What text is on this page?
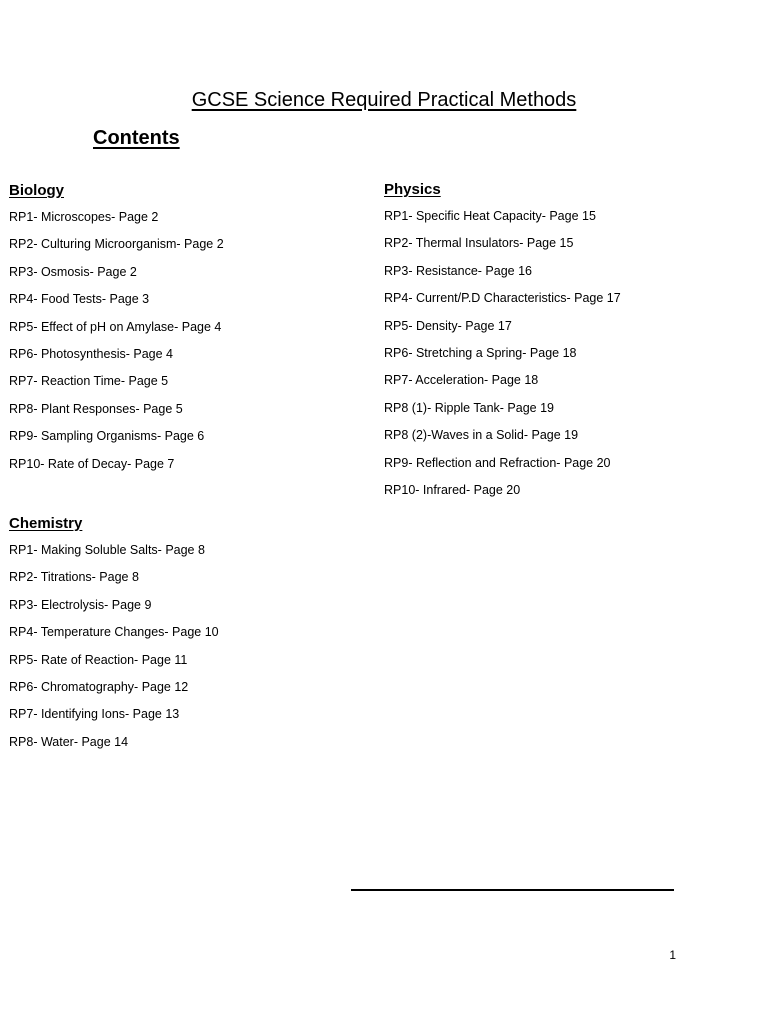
GCSE Science Required Practical Methods
Contents
Biology
RP1- Microscopes- Page 2
RP2- Culturing Microorganism- Page 2
RP3- Osmosis- Page 2
RP4- Food Tests- Page 3
RP5- Effect of pH on Amylase- Page 4
RP6- Photosynthesis- Page 4
RP7- Reaction Time- Page 5
RP8- Plant Responses- Page 5
RP9- Sampling Organisms- Page 6
RP10- Rate of Decay- Page 7
Physics
RP1- Specific Heat Capacity- Page 15
RP2- Thermal Insulators- Page 15
RP3- Resistance- Page 16
RP4- Current/P.D Characteristics- Page 17
RP5- Density- Page 17
RP6- Stretching a Spring- Page 18
RP7- Acceleration- Page 18
RP8 (1)- Ripple Tank- Page 19
RP8 (2)-Waves in a Solid- Page 19
RP9- Reflection and Refraction- Page 20
RP10- Infrared- Page 20
Chemistry
RP1- Making Soluble Salts- Page 8
RP2- Titrations- Page 8
RP3- Electrolysis- Page 9
RP4- Temperature Changes- Page 10
RP5- Rate of Reaction- Page 11
RP6- Chromatography- Page 12
RP7- Identifying Ions- Page 13
RP8- Water- Page 14
1
